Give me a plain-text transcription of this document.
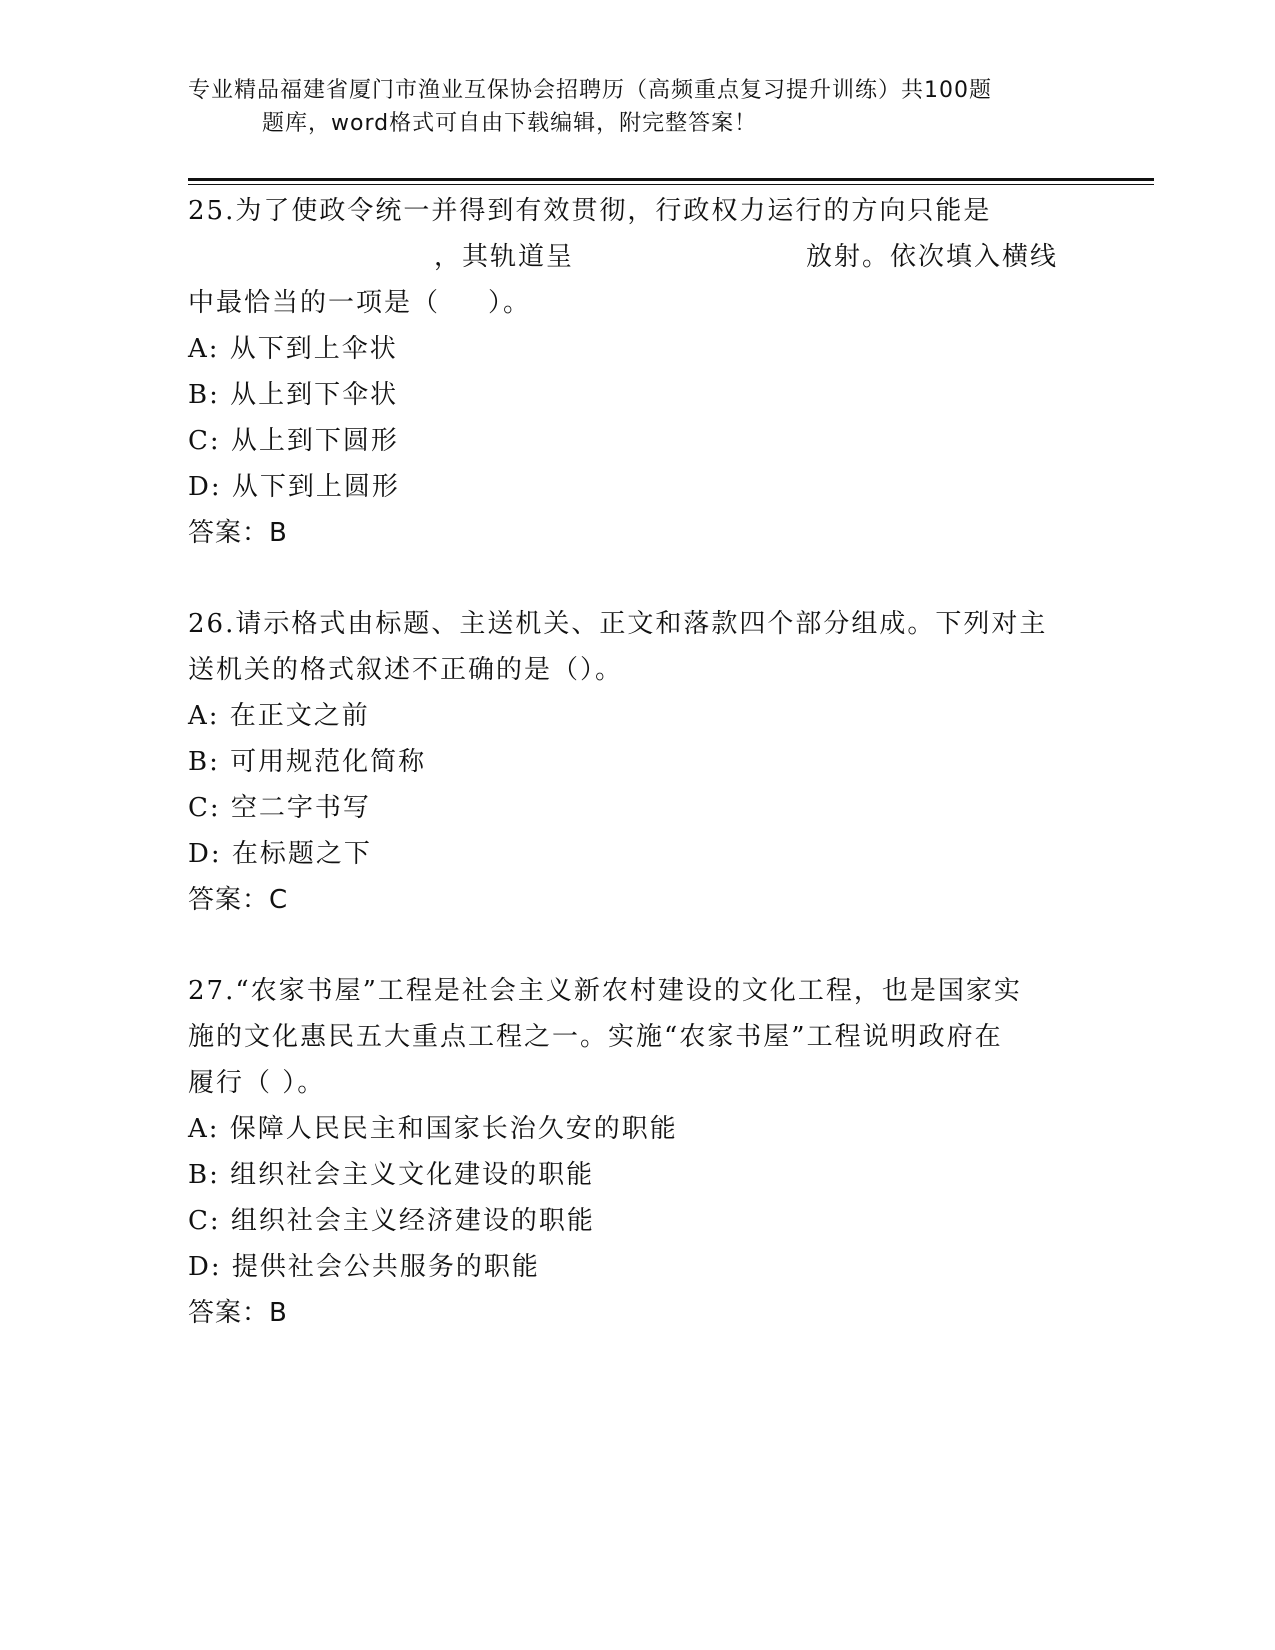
专业精品福建省厦门市渔业互保协会招聘历（高频重点复习提升训练）共100题
题库，word格式可自由下载编辑，附完整答案！
25.为了使政令统一并得到有效贯彻，行政权力运行的方向只能是
，其轨道呈	放射。依次填入横线
中最恰当的一项是（ ）。
A: 从下到上伞状
B: 从上到下伞状
C: 从上到下圆形
D: 从下到上圆形
答案：B
26.请示格式由标题、主送机关、正文和落款四个部分组成。下列对主
送机关的格式叙述不正确的是（）。
A: 在正文之前
B: 可用规范化简称
C: 空二字书写
D: 在标题之下
答案：C
27.“农家书屋”工程是社会主义新农村建设的文化工程，也是国家实
施的文化惠民五大重点工程之一。实施“农家书屋”工程说明政府在
履行（ ）。
A: 保障人民民主和国家长治久安的职能
B: 组织社会主义文化建设的职能
C: 组织社会主义经济建设的职能
D: 提供社会公共服务的职能
答案：B
